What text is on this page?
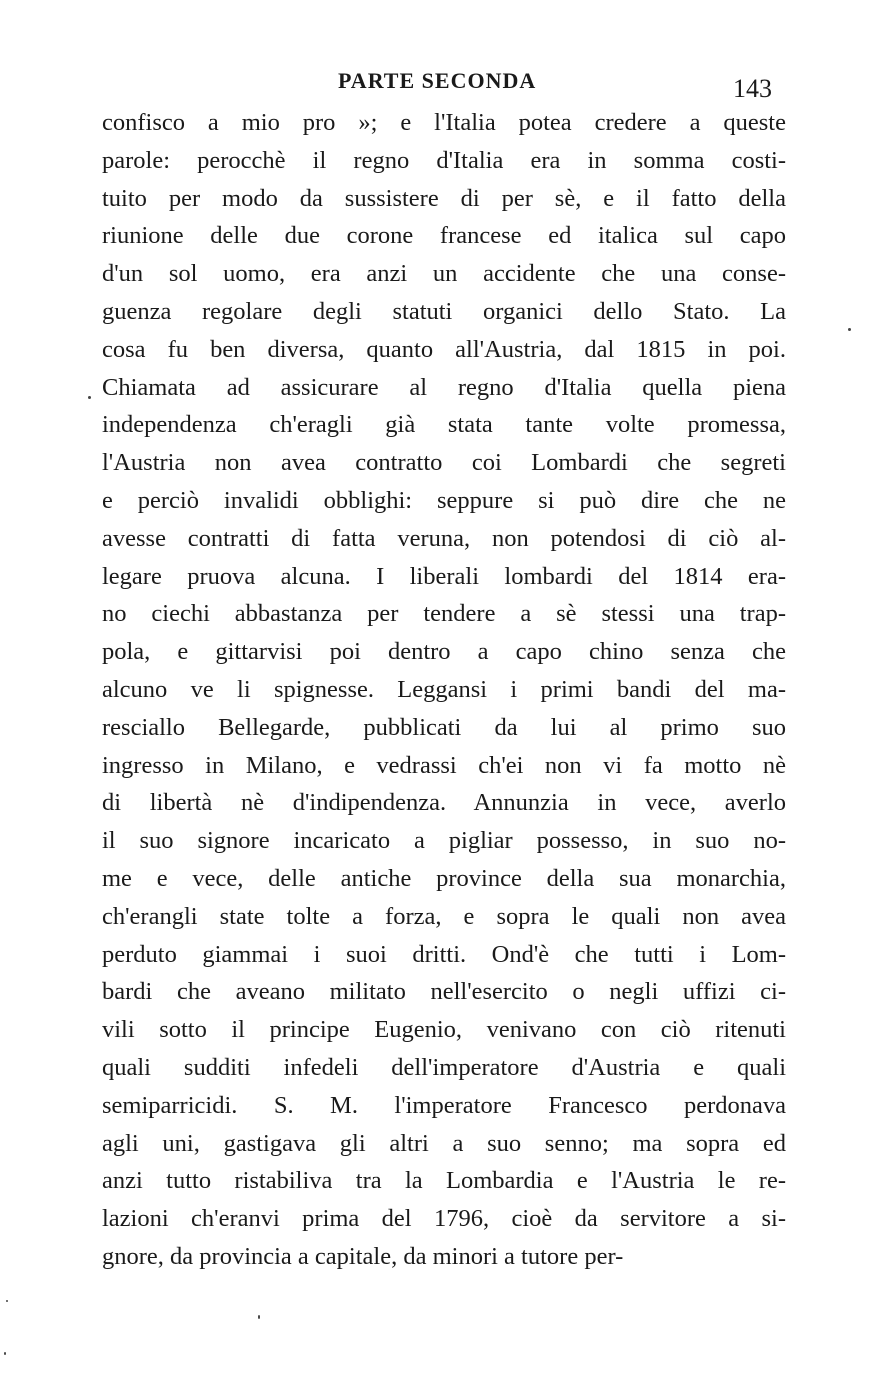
PARTE SECONDA	143
confisco a mio pro »; e l'Italia potea credere a queste
parole: perocchè il regno d'Italia era in somma costi-
tuito per modo da sussistere di per sè, e il fatto della
riunione delle due corone francese ed italica sul capo
d'un sol uomo, era anzi un accidente che una conse-
guenza regolare degli statuti organici dello Stato. La
cosa fu ben diversa, quanto all'Austria, dal 1815 in poi.
Chiamata ad assicurare al regno d'Italia quella piena
independenza ch'eragli già stata tante volte promessa,
l'Austria non avea contratto coi Lombardi che segreti
e perciò invalidi obblighi: seppure si può dire che ne
avesse contratti di fatta veruna, non potendosi di ciò al-
legare pruova alcuna. I liberali lombardi del 1814 era-
no ciechi abbastanza per tendere a sè stessi una trap-
pola, e gittarvisi poi dentro a capo chino senza che
alcuno ve li spignesse. Leggansi i primi bandi del ma-
resciallo Bellegarde, pubblicati da lui al primo suo
ingresso in Milano, e vedrassi ch'ei non vi fa motto nè
di libertà nè d'indipendenza. Annunzia in vece, averlo
il suo signore incaricato a pigliar possesso, in suo no-
me e vece, delle antiche province della sua monarchia,
ch'erangli state tolte a forza, e sopra le quali non avea
perduto giammai i suoi dritti. Ond'è che tutti i Lom-
bardi che aveano militato nell'esercito o negli uffizi ci-
vili sotto il principe Eugenio, venivano con ciò ritenuti
quali sudditi infedeli dell'imperatore d'Austria e quali
semiparricidi. S. M. l'imperatore Francesco perdonava
agli uni, gastigava gli altri a suo senno; ma sopra ed
anzi tutto ristabiliva tra la Lombardia e l'Austria le re-
lazioni ch'eranvi prima del 1796, cioè da servitore a si-
gnore, da provincia a capitale, da minori a tutore per-
